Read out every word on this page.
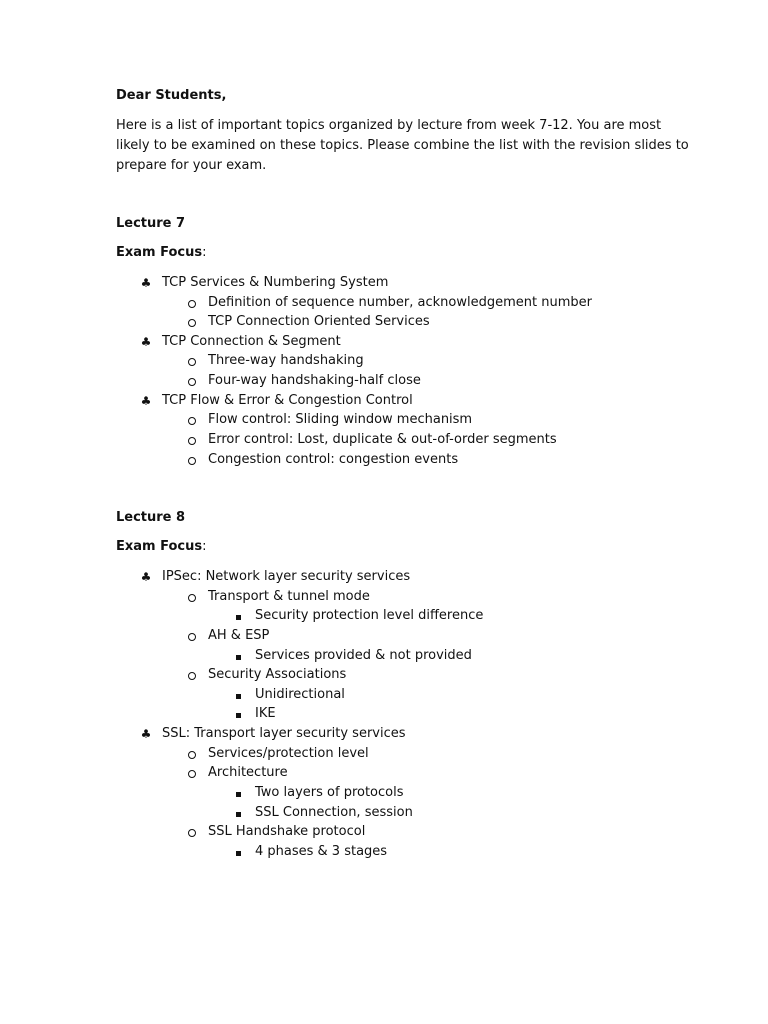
Dear Students,
Here is a list of important topics organized by lecture from week 7-12. You are most
likely to be examined on these topics. Please combine the list with the revision slides to
prepare for your exam.
Lecture 7
Exam Focus:
♣ TCP Services & Numbering System
Definition of sequence number, acknowledgement number
TCP Connection Oriented Services
♣ TCP Connection & Segment
Three-way handshaking
Four-way handshaking-half close
♣ TCP Flow & Error & Congestion Control
Flow control: Sliding window mechanism
Error control: Lost, duplicate & out-of-order segments
Congestion control: congestion events
Lecture 8
Exam Focus:
♣ IPSec: Network layer security services
Transport & tunnel mode
Security protection level difference
AH & ESP
Services provided & not provided
Security Associations
Unidirectional
IKE
♣ SSL: Transport layer security services
Services/protection level
Architecture
Two layers of protocols
SSL Connection, session
SSL Handshake protocol
4 phases & 3 stages
